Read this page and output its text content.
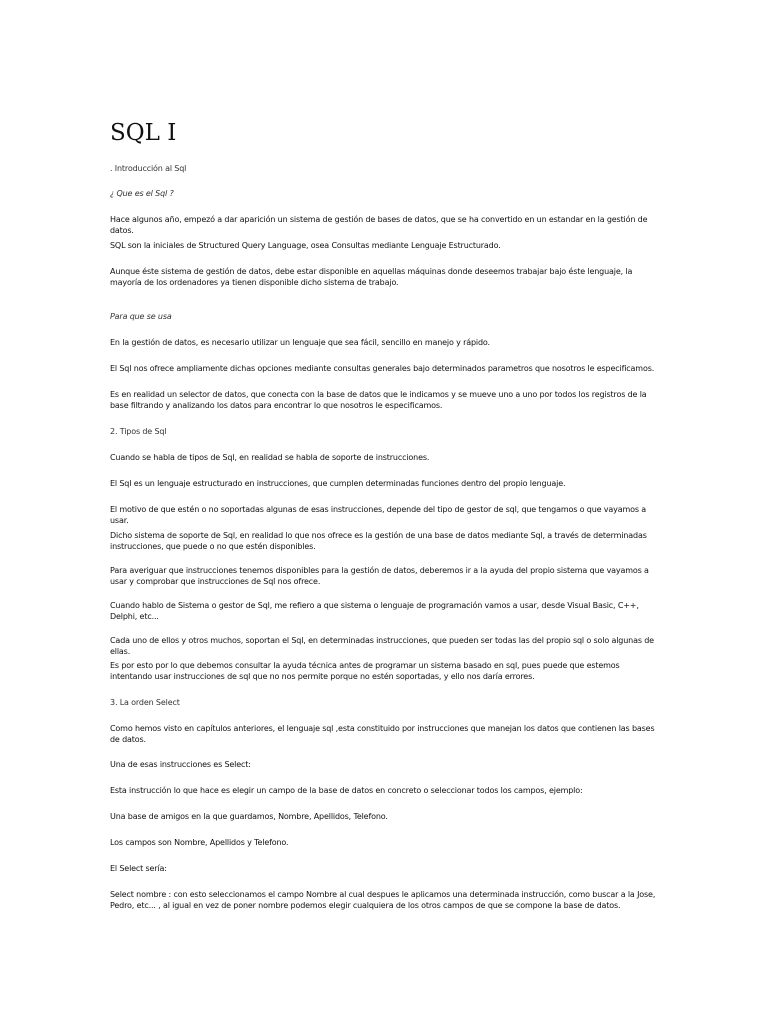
SQL I

. Introducción al Sql

¿ Que es el Sql ?

Hace algunos año, empezó a dar aparición un sistema de gestión de bases de datos, que se ha convertido en un estandar en la gestión de datos.

SQL son la iniciales de Structured Query Language, osea Consultas mediante Lenguaje Estructurado.

Aunque éste sistema de gestión de datos, debe estar disponible en aquellas máquinas donde deseemos trabajar bajo éste lenguaje, la mayoría de los ordenadores ya tienen disponible dicho sistema de trabajo.

Para que se usa

En la gestión de datos, es necesario utilizar un lenguaje que sea fácil, sencillo en manejo y rápido.

El Sql nos ofrece ampliamente dichas opciones mediante consultas generales bajo determinados parametros que nosotros le especificamos.

Es en realidad un selector de datos, que conecta con la base de datos que le indicamos y se mueve uno a uno por todos los registros de la base filtrando y analizando los datos para encontrar lo que nosotros le especificamos.

2. Tipos de Sql

Cuando se habla de tipos de Sql, en realidad se habla de soporte de instrucciones.

El Sql es un lenguaje estructurado en instrucciones, que cumplen determinadas funciones dentro del propio lenguaje.

El motivo de que estén o no soportadas algunas de esas instrucciones, depende del tipo de gestor de sql, que tengamos o que vayamos a usar.

Dicho sistema de soporte de Sql, en realidad lo que nos ofrece es la gestión de una base de datos mediante Sql, a través de determinadas instrucciones, que puede o no que estén disponibles.

Para averiguar que instrucciones tenemos disponibles para la gestión de datos, deberemos ir a la ayuda del propio sistema que vayamos a usar y comprobar que instrucciones de Sql nos ofrece.

Cuando hablo de Sistema o gestor de Sql, me refiero a que sistema o lenguaje de programación vamos a usar, desde Visual Basic, C++, Delphi, etc...

Cada uno de ellos y otros muchos, soportan el Sql, en determinadas instrucciones, que pueden ser todas las del propio sql o solo algunas de ellas.

Es por esto por lo que debemos consultar la ayuda técnica antes de programar un sistema basado en sql, pues puede que estemos intentando usar instrucciones de sql que no nos permite porque no estén soportadas, y ello nos daría errores.

3. La orden Select

Como hemos visto en capítulos anteriores, el lenguaje sql ,esta constituido por instrucciones que manejan los datos que contienen las bases de datos.

Una de esas instrucciones es Select:

Esta instrucción lo que hace es elegir un campo de la base de datos en concreto o seleccionar todos los campos, ejemplo:

Una base de amigos en la que guardamos, Nombre, Apellidos, Telefono.

Los campos son Nombre, Apellidos y Telefono.

El Select sería:

Select nombre : con esto seleccionamos el campo Nombre al cual despues le aplicamos una determinada instrucción, como buscar a la Jose, Pedro, etc... , al igual en vez de poner nombre podemos elegir cualquiera de los otros campos de que se compone la base de datos.
